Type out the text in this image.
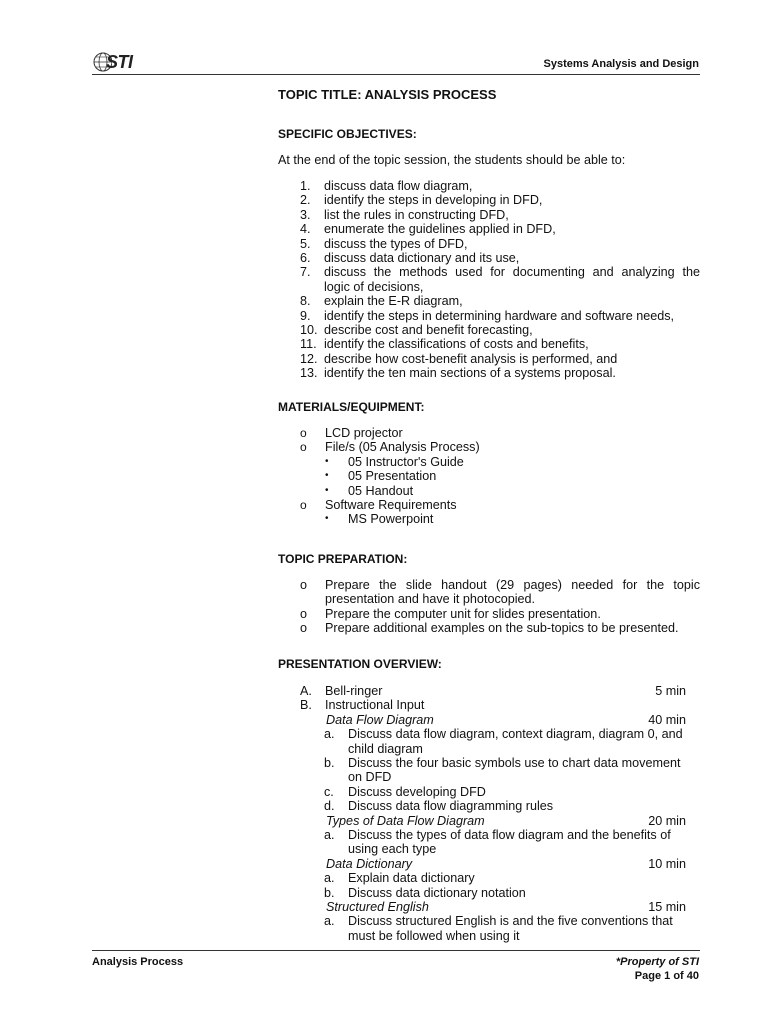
STI	Systems Analysis and Design
TOPIC TITLE: ANALYSIS PROCESS
SPECIFIC OBJECTIVES:
At the end of the topic session, the students should be able to:
1.	discuss data flow diagram,
2.	identify the steps in developing in DFD,
3.	list the rules in constructing DFD,
4.	enumerate the guidelines applied in DFD,
5.	discuss the types of DFD,
6.	discuss data dictionary and its use,
7.	discuss the methods used for documenting and analyzing the
logic of decisions,
8.	explain the E-R diagram,
9.	identify the steps in determining hardware and software needs,
10. describe cost and benefit forecasting,
11. identify the classifications of costs and benefits,
12. describe how cost-benefit analysis is performed, and
13. identify the ten main sections of a systems proposal.
MATERIALS/EQUIPMENT:
o LCD projector
o File/s (05 Analysis Process)
• 05 Instructor's Guide
• 05 Presentation
• 05 Handout
o Software Requirements
• MS Powerpoint
TOPIC PREPARATION:
o Prepare the slide handout (29 pages) needed for the topic
presentation and have it photocopied.
o Prepare the computer unit for slides presentation.
o Prepare additional examples on the sub-topics to be presented.
PRESENTATION OVERVIEW:
A. Bell-ringer	5 min
B. Instructional Input
Data Flow Diagram	40 min
a. Discuss data flow diagram, context diagram, diagram 0, and
child diagram
b. Discuss the four basic symbols use to chart data movement
on DFD
c. Discuss developing DFD
d. Discuss data flow diagramming rules
Types of Data Flow Diagram	20 min
a. Discuss the types of data flow diagram and the benefits of
using each type
Data Dictionary	10 min
a. Explain data dictionary
b. Discuss data dictionary notation
Structured English	15 min
a. Discuss structured English is and the five conventions that
must be followed when using it
Analysis Process	*Property of STI
Page 1 of 40
